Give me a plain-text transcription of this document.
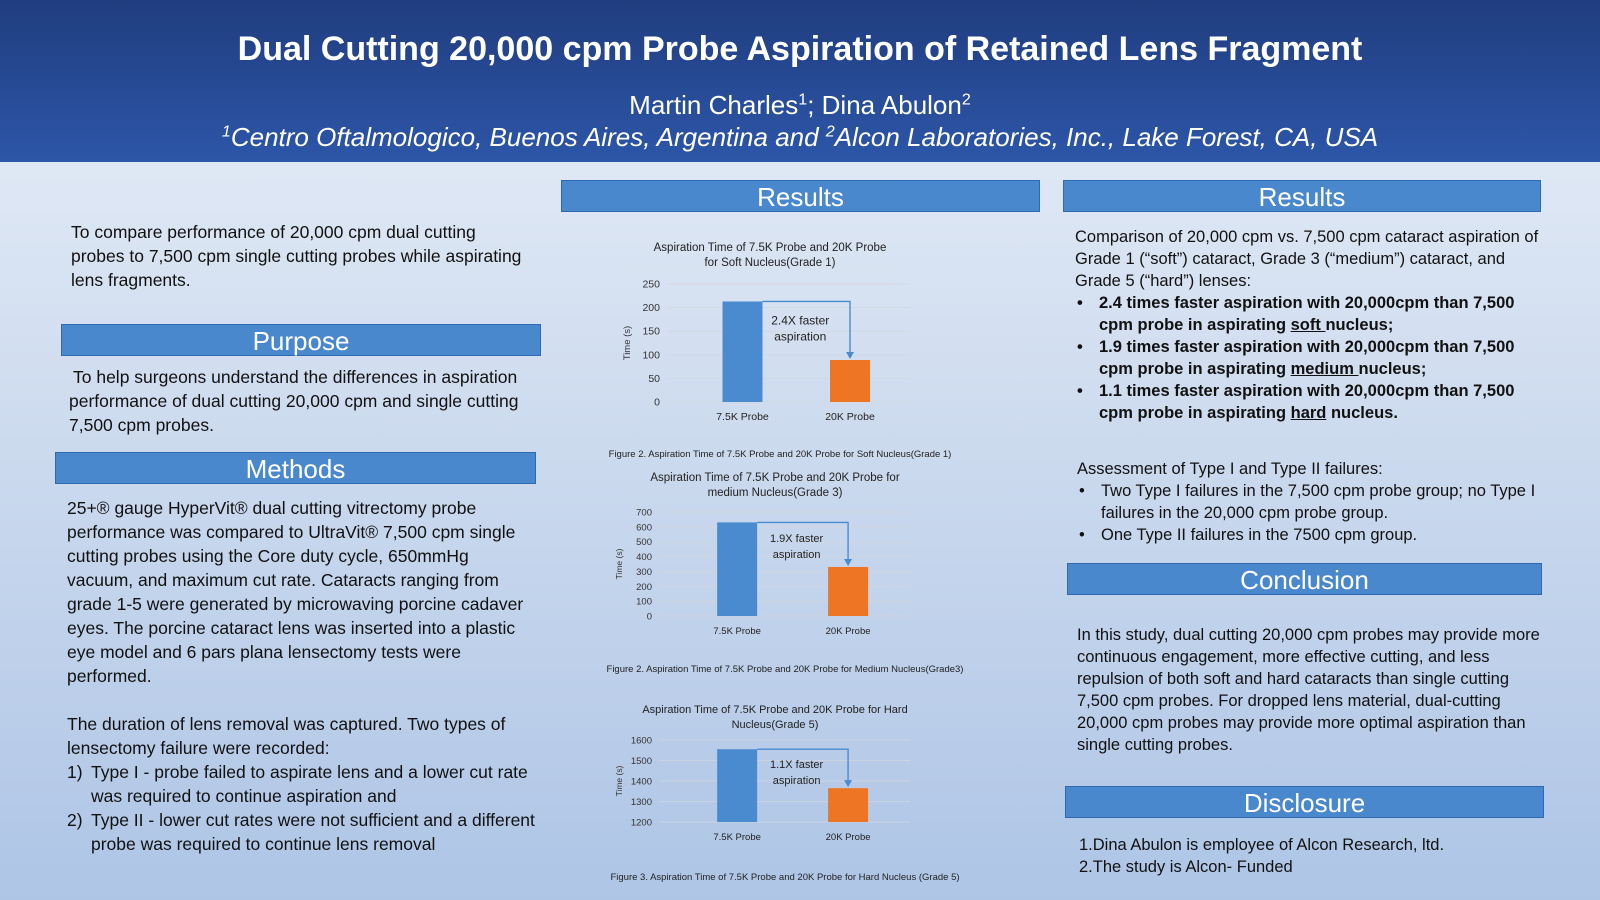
Dual Cutting 20,000 cpm Probe Aspiration of Retained Lens Fragment
Martin Charles$^1$; Dina Abulon$^2$
$^1$Centro Oftalmologico, Buenos Aires, Argentina and $^2$Alcon Laboratories, Inc., Lake Forest, CA, USA
To compare performance of 20,000 cpm dual cutting probes to 7,500 cpm single cutting probes while aspirating lens fragments.
Purpose
To help surgeons understand the differences in aspiration performance of dual cutting 20,000 cpm and single cutting 7,500 cpm probes.
Methods

25+® gauge HyperVit® dual cutting vitrectomy probe performance was compared to UltraVit® 7,500 cpm single cutting probes using the Core duty cycle, 650mmHg vacuum, and maximum cut rate. Cataracts ranging from grade 1-5 were generated by microwaving porcine cadaver eyes. The porcine cataract lens was inserted into a plastic eye model and 6 pars plana lensectomy tests were performed.

The duration of lens removal was captured. Two types of lensectomy failure were recorded:

1) Type I - probe failed to aspirate lens and a lower cut rate was required to continue aspiration and
2) Type II - lower cut rates were not sufficient and a different probe was required to continue lens removal
Results
Aspiration Time of 7.5K Probe and 20K Probe
for Soft Nucleus(Grade 1)
0
50
100
150
200
250
Time (s)
7.5K Probe	20K Probe
2.4X faster
aspiration
Figure 2. Aspiration Time of 7.5K Probe and 20K Probe for Soft Nucleus(Grade 1)
Aspiration Time of 7.5K Probe and 20K Probe for
medium Nucleus(Grade 3)
0
100
200
300
400
500
600
700
Time (s)
7.5K Probe	20K Probe
1.9X faster
aspiration
Figure 2. Aspiration Time of 7.5K Probe and 20K Probe for Medium Nucleus(Grade3)
Aspiration Time of 7.5K Probe and 20K Probe for Hard
Nucleus(Grade 5)
1200
1300
1400
1500
1600
Time (s)
7.5K Probe	20K Probe
1.1X faster
aspiration
Figure 3. Aspiration Time of 7.5K Probe and 20K Probe for Hard Nucleus (Grade 5)
Results

Comparison of 20,000 cpm vs. 7,500 cpm cataract aspiration of Grade 1 (“soft”) cataract, Grade 3 (“medium”) cataract, and Grade 5 (“hard”) lenses:

• 2.4 times faster aspiration with 20,000cpm than 7,500 cpm probe in aspirating soft nucleus;
• 1.9 times faster aspiration with 20,000cpm than 7,500 cpm probe in aspirating medium nucleus;
• 1.1 times faster aspiration with 20,000cpm than 7,500 cpm probe in aspirating hard nucleus.

Assessment of Type I and Type II failures:

• Two Type I failures in the 7,500 cpm probe group; no Type I failures in the 20,000 cpm probe group.
• One Type II failures in the 7500 cpm group.
Conclusion
In this study, dual cutting 20,000 cpm probes may provide more continuous engagement, more effective cutting, and less repulsion of both soft and hard cataracts than single cutting 7,500 cpm probes. For dropped lens material, dual-cutting 20,000 cpm probes may provide more optimal aspiration than single cutting probes.
Disclosure

1.Dina Abulon is employee of Alcon Research, ltd.

2.The study is Alcon- Funded
